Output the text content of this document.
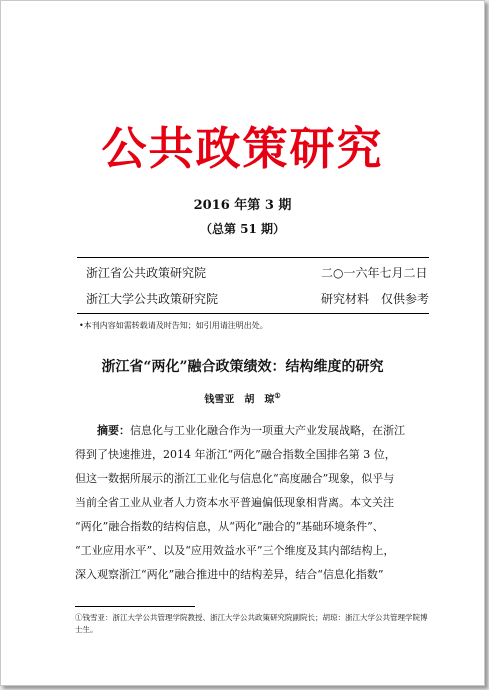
公共政策研究
2016 年第 3 期
（总第 51 期）
浙江省公共政策研究院	二○一六年七月二日
浙江大学公共政策研究院	研究材料　仅供参考
•本刊内容如需转载请及时告知；如引用请注明出处。
浙江省“两化”融合政策绩效：结构维度的研究
钱雪亚　胡　琼①
摘要：信息化与工业化融合作为一项重大产业发展战略，在浙江
得到了快速推进，2014 年浙江“两化”融合指数全国排名第 3 位，
但这一数据所展示的浙江工业化与信息化“高度融合”现象，似乎与
当前全省工业从业者人力资本水平普遍偏低现象相背离。本文关注
“两化”融合指数的结构信息，从“两化”融合的“基础环境条件”、
“工业应用水平”、以及“应用效益水平”三个维度及其内部结构上，
深入观察浙江“两化”融合推进中的结构差异，结合“信息化指数”
①钱雪亚：浙江大学公共管理学院教授、浙江大学公共政策研究院副院长；胡琼：浙江大学公共管理学院博
士生。
